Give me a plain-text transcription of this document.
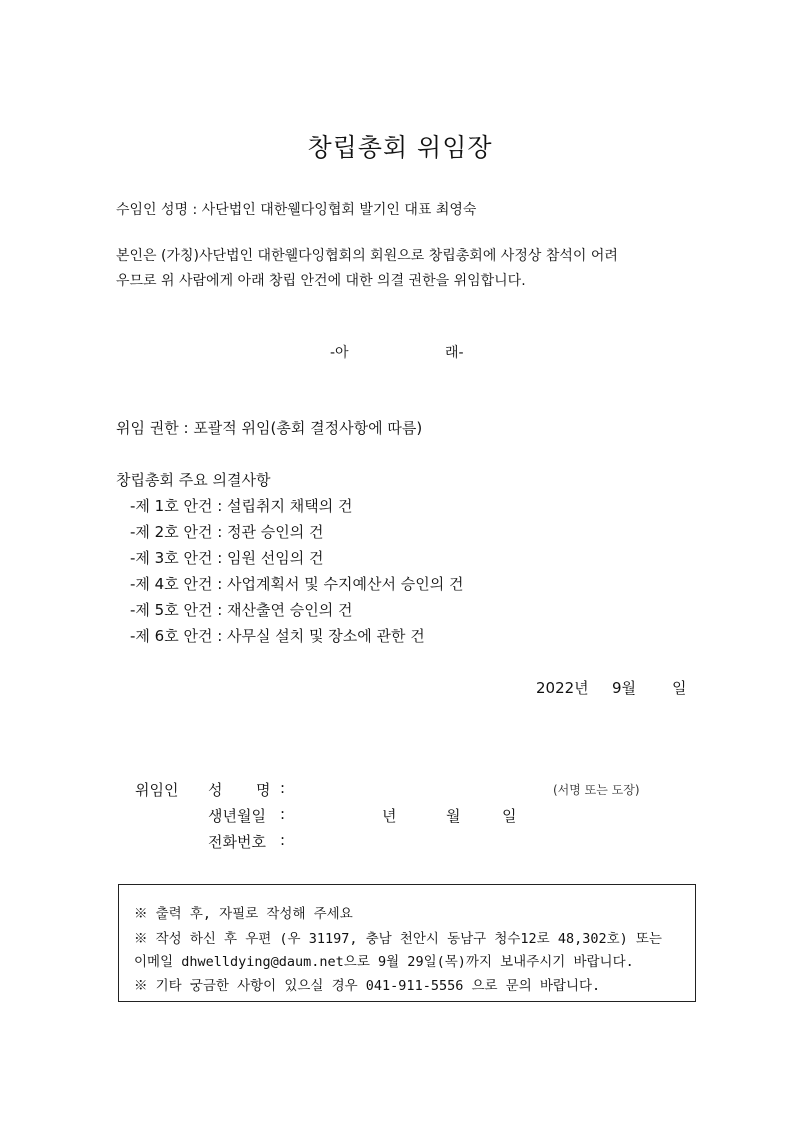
창립총회 위임장
수임인 성명 : 사단법인 대한웰다잉협회 발기인 대표 최영숙
본인은 (가칭)사단법인 대한웰다잉협회의 회원으로 창립총회에 사정상 참석이 어려
우므로 위 사람에게 아래 창립 안건에 대한 의결 권한을 위임합니다.
-아	래-
위임 권한 : 포괄적 위임(총회 결정사항에 따름)
창립총회 주요 의결사항
-제 1호 안건 : 설립취지 채택의 건
-제 2호 안건 : 정관 승인의 건
-제 3호 안건 : 임원 선임의 건
-제 4호 안건 : 사업계획서 및 수지예산서 승인의 건
-제 5호 안건 : 재산출연 승인의 건
-제 6호 안건 : 사무실 설치 및 장소에 관한 건
2022년 9월 일
위임인 성 명 :	(서명 또는 도장)
생년월일 :	년	월	일
전화번호 :
※ 출력 후, 자필로 작성해 주세요
※ 작성 하신 후 우편 (우 31197, 충남 천안시 동남구 청수12로 48,302호) 또는
이메일 dhwelldying@daum.net으로 9월 29일(목)까지 보내주시기 바랍니다.
※ 기타 궁금한 사항이 있으실 경우 041-911-5556 으로 문의 바랍니다.
